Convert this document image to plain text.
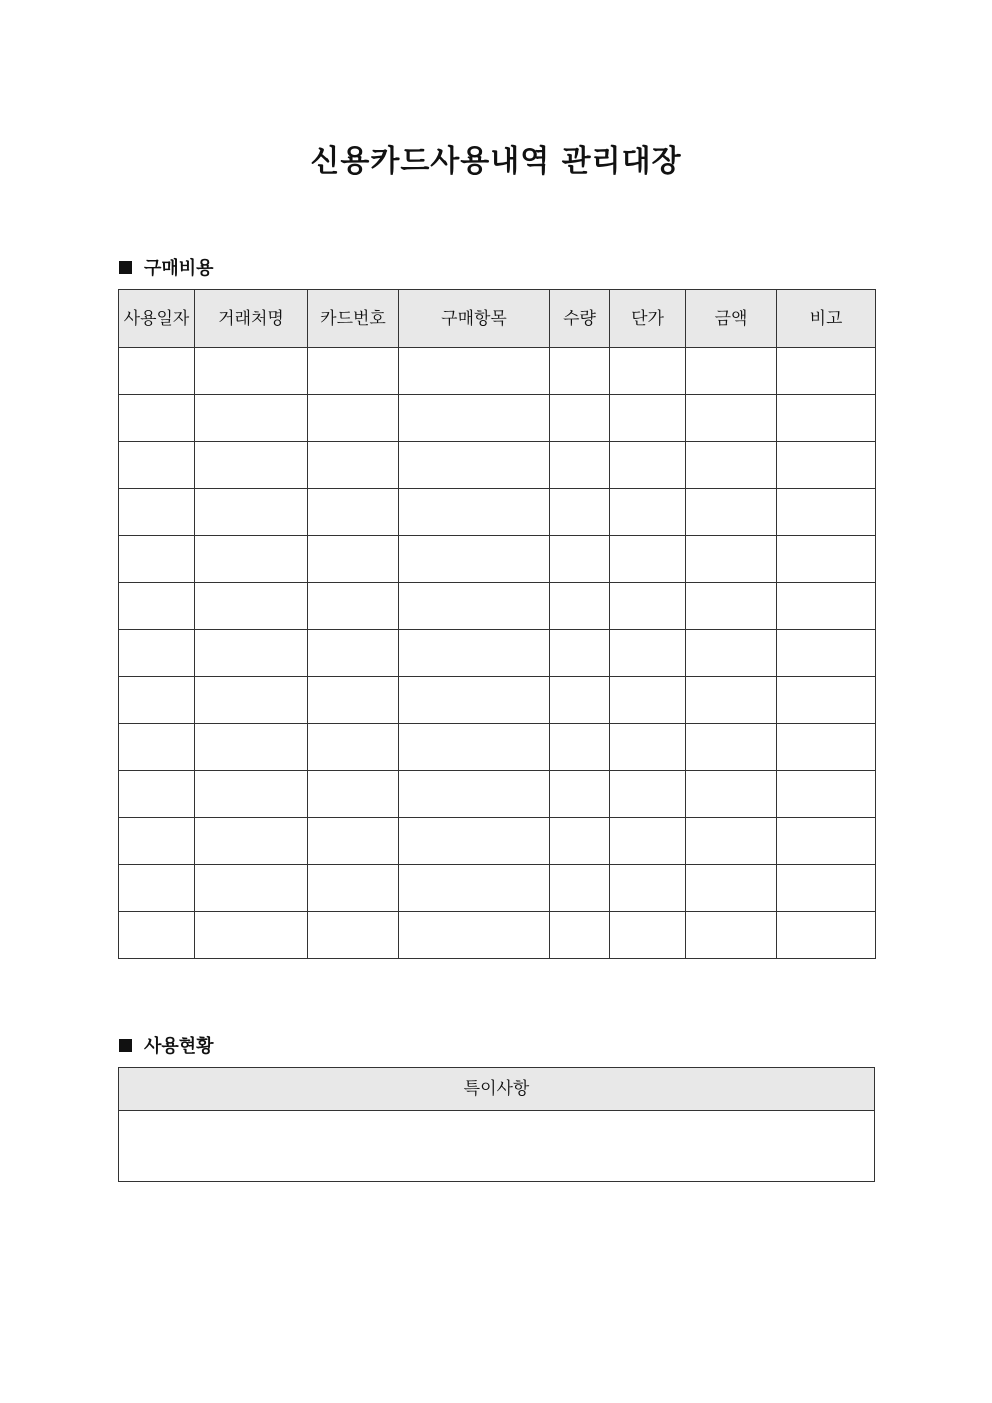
신용카드사용내역 관리대장
구매비용
사용일자	거래처명	카드번호	구매항목	수량	단가	금액	비고

사용현황
특이사항
